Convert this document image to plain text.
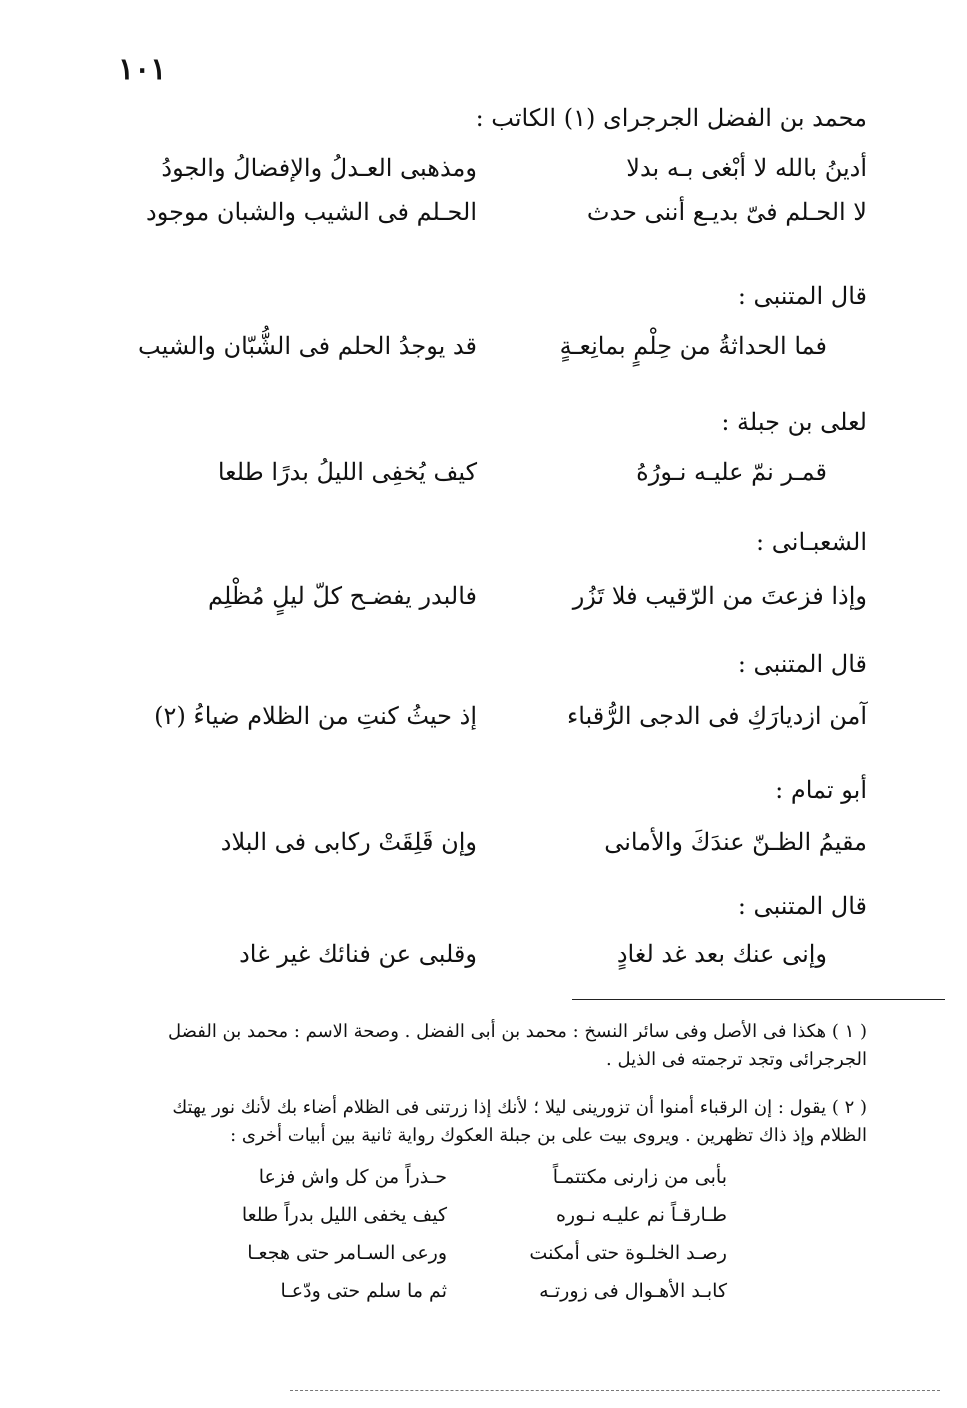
١٠١
محمد بن الفضل الجرجرای (١) الكاتب :
أدينُ بالله لا أبْغى بـه بدلا
ومذهبى العـدلُ والإفضالُ والجودُ
لا الحـلم فىّ بديـع أننى حدث
الحـلم فى الشيب والشبان موجود
قال المتنبى :
فما الحداثةُ من حِلْمٍ بمانِعـةٍ
قد يوجدُ الحلم فى الشُّبّان والشيب
لعلى بن جبلة :
قمـر نمّ عليـه نـورُهُ
كيف يُخفِى الليلُ بدرًا طلعا
الشعبـانى :
وإذا فزعتَ من الرّقيب فلا تَزُر
فالبدر يفضـح كلّ ليلٍ مُظْلِم
قال المتنبى :
آمن ازديارَكِ فى الدجى الرُّقباء
إذ حيثُ كنتِ من الظلام ضياءُ (٢)
أبو تمام :
مقيمُ الظـنّ عندَكَ والأمانى
وإن قَلِقَتْ ركابى فى البلاد
قال المتنبى :
وإنى عنك بعد غد لغادٍ
وقلبى عن فنائك غير غاد
( ١ ) هكذا فى الأصل وفى سائر النسخ : محمد بن أبى الفضل . وصحة الاسم : محمد بن الفضل الجرجرائى وتجد ترجمته فى الذيل .
( ٢ ) يقول : إن الرقباء أمنوا أن تزورينى ليلا ؛ لأنك إذا زرتنى فى الظلام أضاء بك لأنك نور يهتك الظلام وإذ ذاك تظهرين . ويروى بيت على بن جبلة العكوك رواية ثانية بين أبيات أخرى :
بأبى من زارنى مكتتمـاً
حـذراً من كل واش فزعا
طـارقـاً نم عليـه نـوره
كيف يخفى الليل بدراً طلعا
رصـد الخلـوة حتى أمكنت
ورعى السـامر حتى هجعـا
كابـد الأهـوال فى زورتـه
ثم ما سلم حتى ودّعـا
